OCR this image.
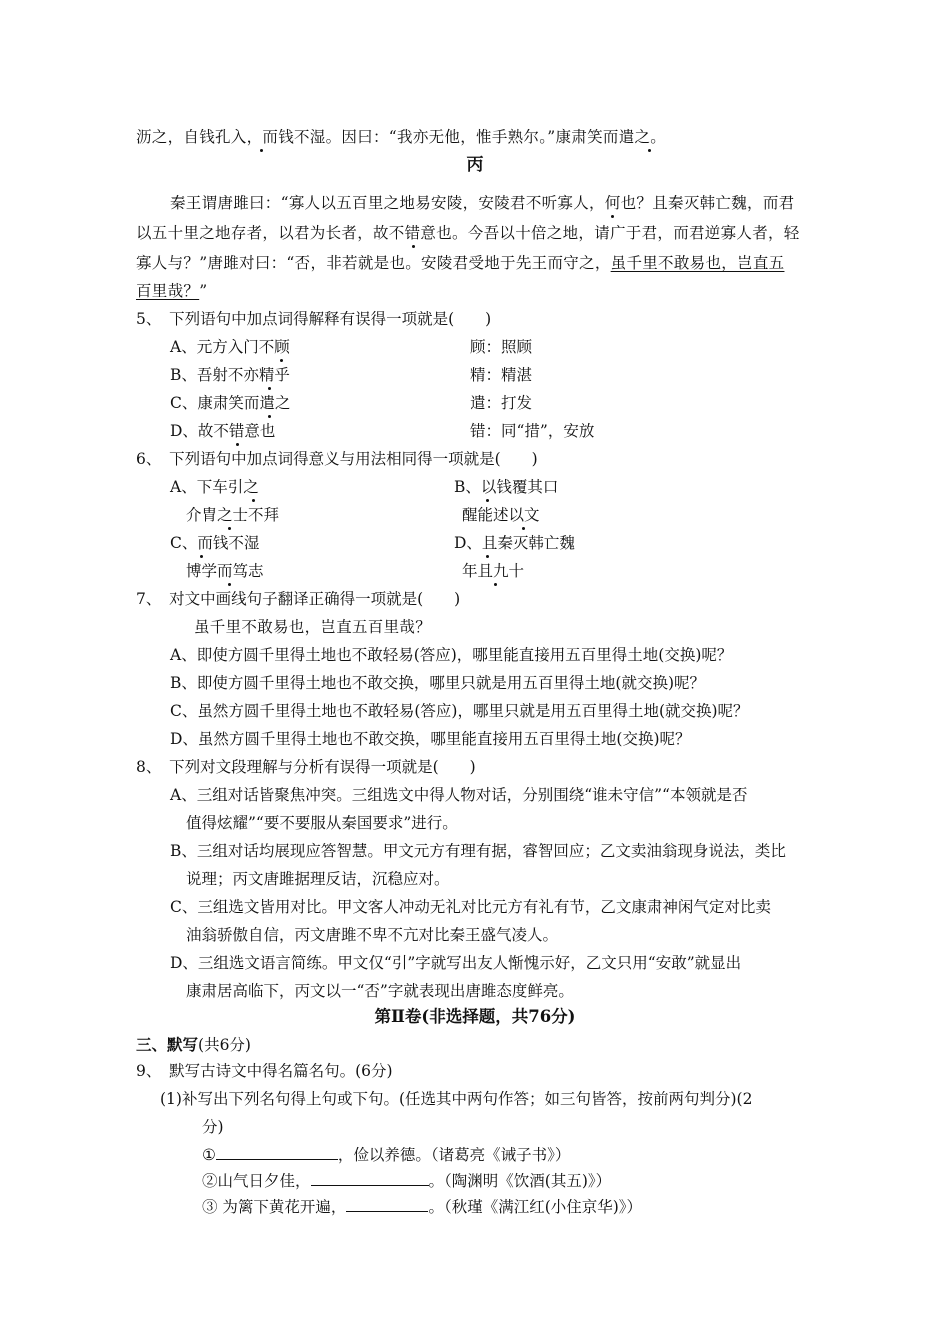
沥之，自钱孔入，而钱不湿。因曰：“我亦无他，惟手熟尔。”康肃笑而遣之。
丙
秦王谓唐雎曰：“寡人以五百里之地易安陵，安陵君不听寡人，何也？且秦灭韩亡魏，而君
以五十里之地存者，以君为长者，故不错意也。今吾以十倍之地，请广于君，而君逆寡人者，轻
寡人与？”唐雎对曰：“否，非若就是也。安陵君受地于先王而守之，虽千里不敢易也，岂直五
百里哉？”
5、　下列语句中加点词得解释有误得一项就是(　　)
A、元方入门不顾	顾：照顾
B、吾射不亦精乎	精：精湛
C、康肃笑而遣之	遣：打发
D、故不错意也	错：同“措”，安放
6、　下列语句中加点词得意义与用法相同得一项就是(　　)
A、下车引之	B、以钱覆其口
介胄之士不拜	醒能述以文
C、而钱不湿	D、且秦灭韩亡魏
博学而笃志	年且九十
7、　对文中画线句子翻译正确得一项就是(　　)
虽千里不敢易也，岂直五百里哉？
A、即使方圆千里得土地也不敢轻易(答应)，哪里能直接用五百里得土地(交换)呢？
B、即使方圆千里得土地也不敢交换，哪里只就是用五百里得土地(就交换)呢？
C、虽然方圆千里得土地也不敢轻易(答应)，哪里只就是用五百里得土地(就交换)呢？
D、虽然方圆千里得土地也不敢交换，哪里能直接用五百里得土地(交换)呢？
8、　下列对文段理解与分析有误得一项就是(　　)
A、三组对话皆聚焦冲突。三组选文中得人物对话，分别围绕“谁未守信”“本领就是否
值得炫耀”“要不要服从秦国要求”进行。
B、三组对话均展现应答智慧。甲文元方有理有据，睿智回应；乙文卖油翁现身说法，类比
说理；丙文唐雎据理反诘，沉稳应对。
C、三组选文皆用对比。甲文客人冲动无礼对比元方有礼有节，乙文康肃神闲气定对比卖
油翁骄傲自信，丙文唐雎不卑不亢对比秦王盛气凌人。
D、三组选文语言简练。甲文仅“引”字就写出友人惭愧示好，乙文只用“安敢”就显出
康肃居高临下，丙文以一“否”字就表现出唐雎态度鲜亮。
第Ⅱ卷(非选择题，共76分)
三、默写(共6分)
9、　默写古诗文中得名篇名句。(6分)
(1)补写出下列名句得上句或下句。(任选其中两句作答；如三句皆答，按前两句判分)(2
分)
①	，俭以养德。（诸葛亮《诫子书》）
②山气日夕佳，	。（陶渊明《饮酒(其五)》）
③ 为篱下黄花开遍，	。（秋瑾《满江红(小住京华)》）
